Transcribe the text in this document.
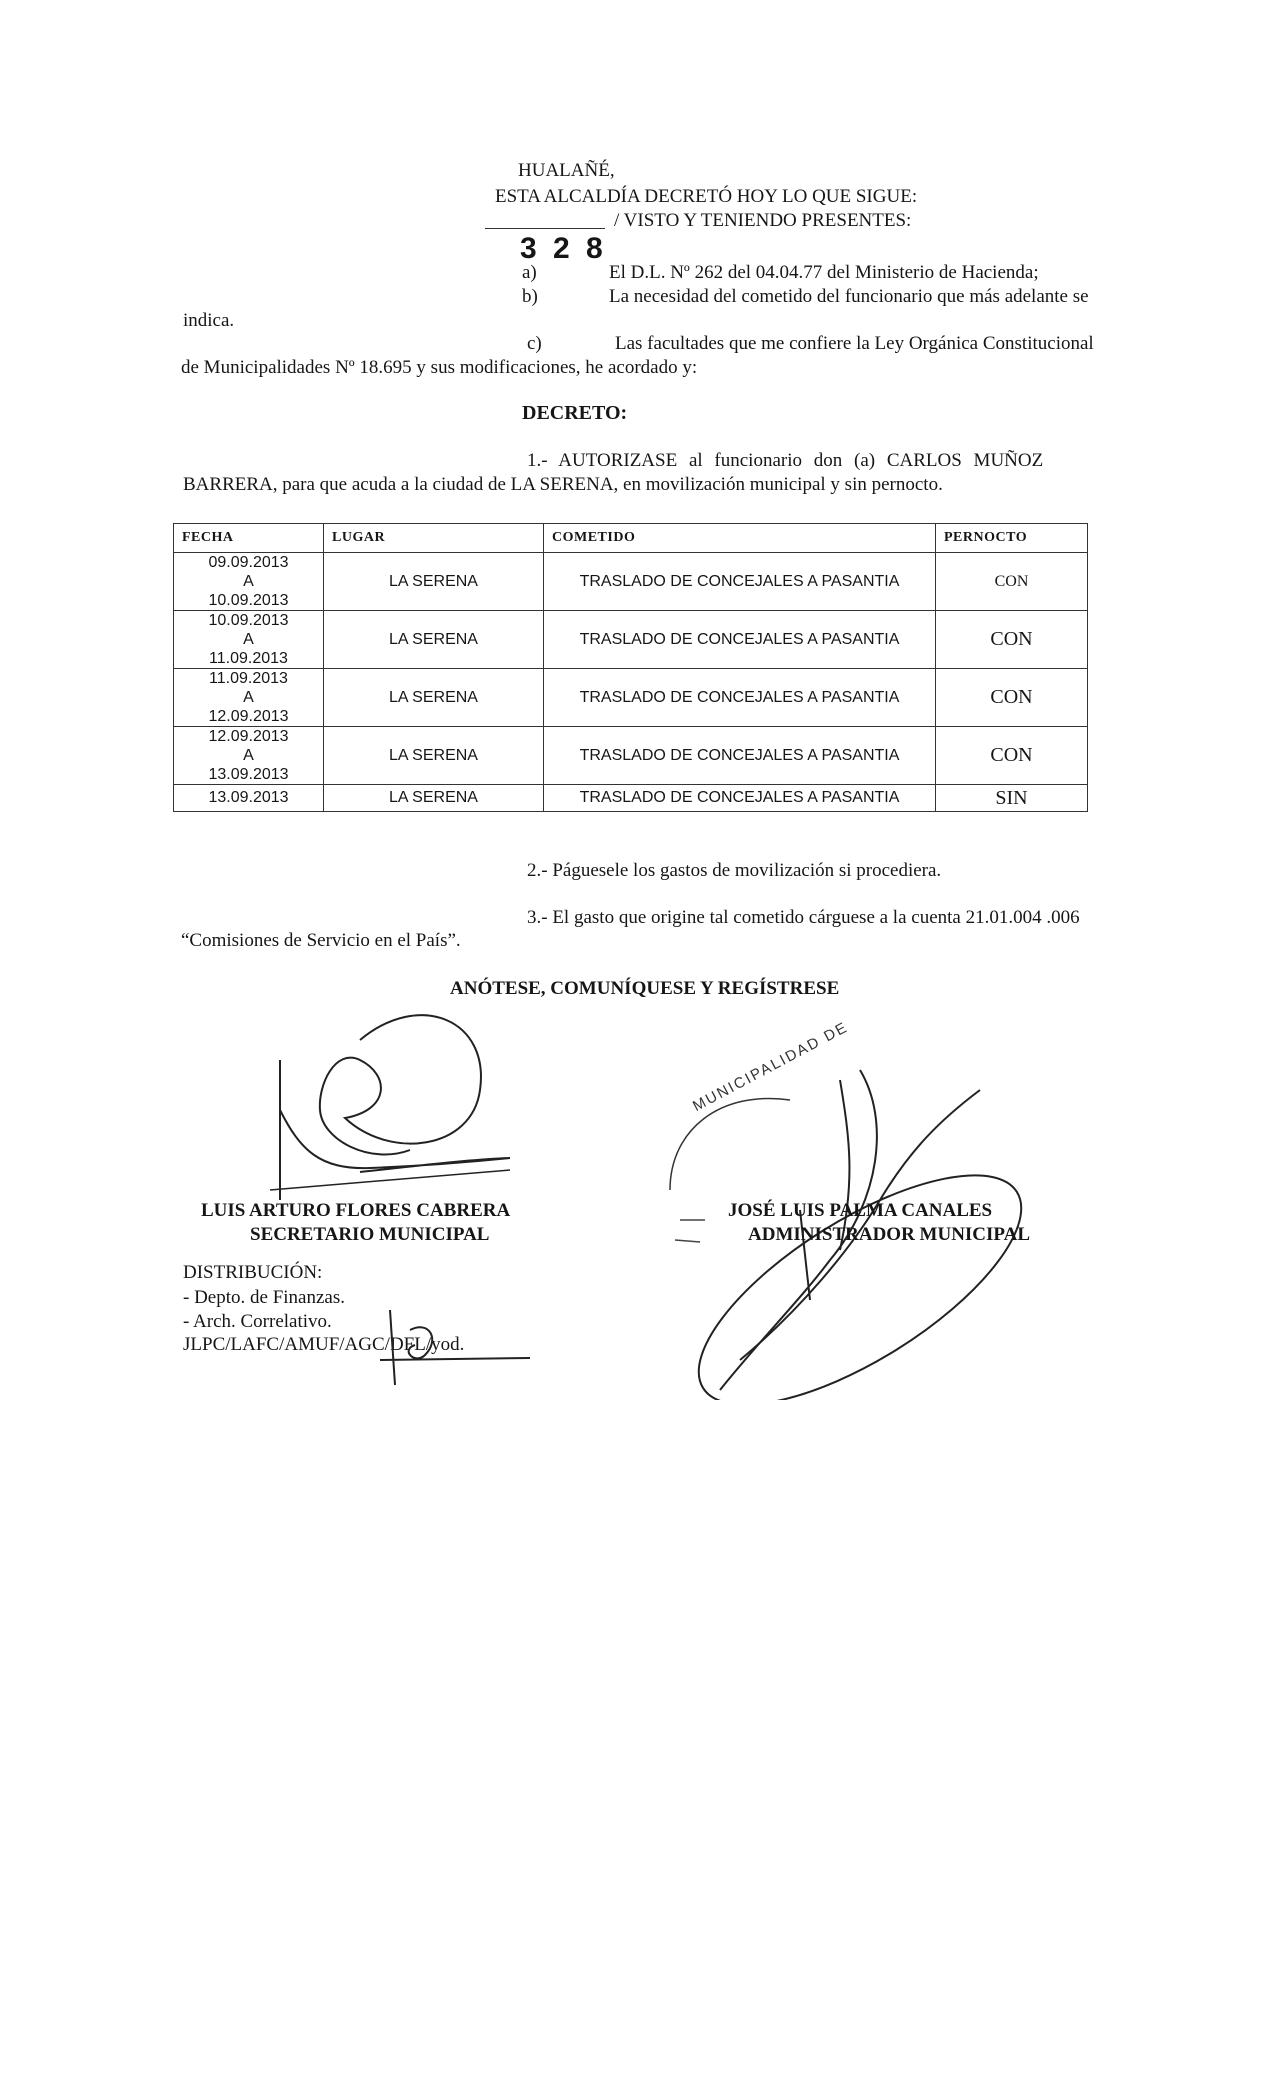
HUALAÑÉ,
ESTA ALCALDÍA DECRETÓ HOY LO QUE SIGUE:
3 2 8
/ VISTO Y TENIENDO PRESENTES:
a)	El D.L. Nº 262 del 04.04.77 del Ministerio de Hacienda;
b)	La necesidad del cometido del funcionario que más adelante se
indica.
c)	Las facultades que me confiere la Ley Orgánica Constitucional
de Municipalidades Nº 18.695 y sus modificaciones, he acordado y:
DECRETO:
1.- AUTORIZASE al funcionario don (a) CARLOS MUÑOZ
BARRERA, para que acuda a la ciudad de LA SERENA, en movilización municipal y sin pernocto.
FECHA	LUGAR	COMETIDO	PERNOCTO

09.09.2013
A
10.09.2013	LA SERENA	TRASLADO DE CONCEJALES A PASANTIA	CON

10.09.2013
A
11.09.2013	LA SERENA	TRASLADO DE CONCEJALES A PASANTIA	CON

11.09.2013
A
12.09.2013	LA SERENA	TRASLADO DE CONCEJALES A PASANTIA	CON

12.09.2013
A
13.09.2013	LA SERENA	TRASLADO DE CONCEJALES A PASANTIA	CON
13.09.2013	LA SERENA	TRASLADO DE CONCEJALES A PASANTIA	SIN
2.- Páguesele los gastos de movilización si procediera.
3.- El gasto que origine tal cometido cárguese a la cuenta 21.01.004 .006
“Comisiones de Servicio en el País”.
ANÓTESE, COMUNÍQUESE Y REGÍSTRESE
MUNICIPALIDAD DE
LUIS ARTURO FLORES CABRERA
SECRETARIO MUNICIPAL
JOSÉ LUIS PALMA CANALES
ADMINISTRADOR MUNICIPAL
DISTRIBUCIÓN:
- Depto. de Finanzas.
- Arch. Correlativo.
JLPC/LAFC/AMUF/AGC/DFL/yod.
